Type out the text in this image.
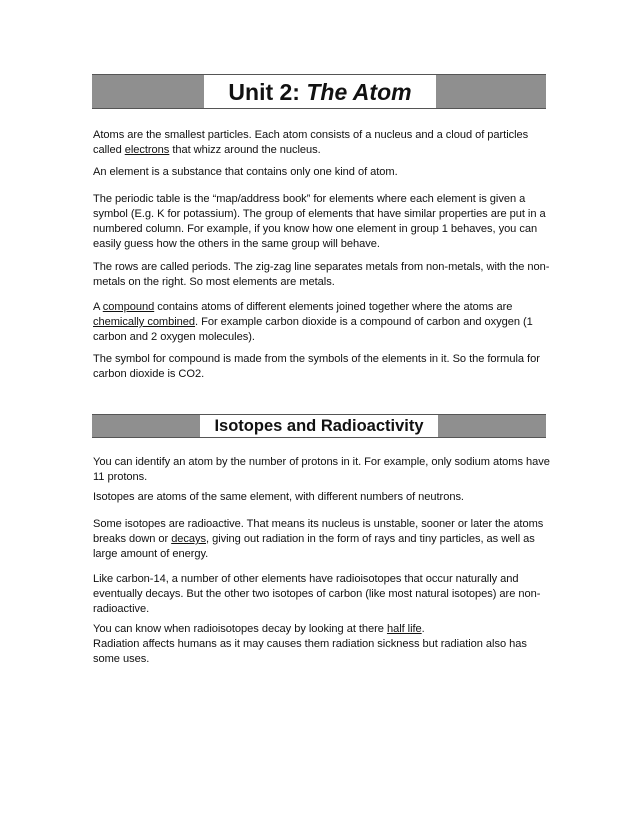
Unit 2: The Atom

Atoms are the smallest particles. Each atom consists of a nucleus and a cloud of particles called electrons that whizz around the nucleus.

An element is a substance that contains only one kind of atom.

The periodic table is the “map/address book” for elements where each element is given a symbol (E.g. K for potassium). The group of elements that have similar properties are put in a numbered column. For example, if you know how one element in group 1 behaves, you can easily guess how the others in the same group will behave.

The rows are called periods. The zig-zag line separates metals from non-metals, with the non-metals on the right. So most elements are metals.

A compound contains atoms of different elements joined together where the atoms are chemically combined. For example carbon dioxide is a compound of carbon and oxygen (1 carbon and 2 oxygen molecules).

The symbol for compound is made from the symbols of the elements in it. So the formula for carbon dioxide is CO2.

Isotopes and Radioactivity

You can identify an atom by the number of protons in it. For example, only sodium atoms have 11 protons.

Isotopes are atoms of the same element, with different numbers of neutrons.

Some isotopes are radioactive. That means its nucleus is unstable, sooner or later the atoms breaks down or decays, giving out radiation in the form of rays and tiny particles, as well as large amount of energy.

Like carbon-14, a number of other elements have radioisotopes that occur naturally and eventually decays. But the other two isotopes of carbon (like most natural isotopes) are non-radioactive.

You can know when radioisotopes decay by looking at there half life.

Radiation affects humans as it may causes them radiation sickness but radiation also has some uses.
